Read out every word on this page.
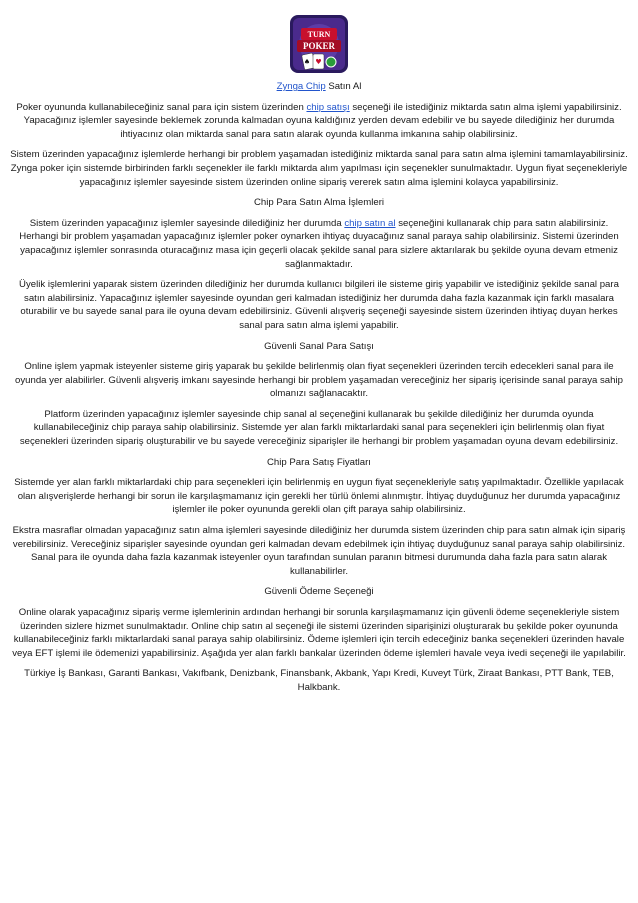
TURN
POKER
♥
♠

Zynga Chip Satın Al

Poker oyununda kullanabileceğiniz sanal para için sistem üzerinden chip satışı seçeneği ile istediğiniz miktarda satın alma işlemi yapabilirsiniz. Yapacağınız işlemler sayesinde beklemek zorunda kalmadan oyuna kaldığınız yerden devam edebilir ve bu sayede dilediğiniz her durumda ihtiyacınız olan miktarda sanal para satın alarak oyunda kullanma imkanına sahip olabilirsiniz.

Sistem üzerinden yapacağınız işlemlerde herhangi bir problem yaşamadan istediğiniz miktarda sanal para satın alma işlemini tamamlayabilirsiniz. Zynga poker için sistemde birbirinden farklı seçenekler ile farklı miktarda alım yapılması için seçenekler sunulmaktadır. Uygun fiyat seçenekleriyle yapacağınız işlemler sayesinde sistem üzerinden online sipariş vererek satın alma işlemini kolayca yapabilirsiniz.

Chip Para Satın Alma İşlemleri

Sistem üzerinden yapacağınız işlemler sayesinde dilediğiniz her durumda chip satın al seçeneğini kullanarak chip para satın alabilirsiniz. Herhangi bir problem yaşamadan yapacağınız işlemler poker oynarken ihtiyaç duyacağınız sanal paraya sahip olabilirsiniz. Sistemi üzerinden yapacağınız işlemler sonrasında oturacağınız masa için geçerli olacak şekilde sanal para sizlere aktarılarak bu şekilde oyuna devam etmeniz sağlanmaktadır.

Üyelik işlemlerini yaparak sistem üzerinden dilediğiniz her durumda kullanıcı bilgileri ile sisteme giriş yapabilir ve istediğiniz şekilde sanal para satın alabilirsiniz. Yapacağınız işlemler sayesinde oyundan geri kalmadan istediğiniz her durumda daha fazla kazanmak için farklı masalara oturabilir ve bu sayede sanal para ile oyuna devam edebilirsiniz. Güvenli alışveriş seçeneği sayesinde sistem üzerinden ihtiyaç duyan herkes sanal para satın alma işlemi yapabilir.

Güvenli Sanal Para Satışı

Online işlem yapmak isteyenler sisteme giriş yaparak bu şekilde belirlenmiş olan fiyat seçenekleri üzerinden tercih edecekleri sanal para ile oyunda yer alabilirler. Güvenli alışveriş imkanı sayesinde herhangi bir problem yaşamadan vereceğiniz her sipariş içerisinde sanal paraya sahip olmanızı sağlanacaktır.

Platform üzerinden yapacağınız işlemler sayesinde chip sanal al seçeneğini kullanarak bu şekilde dilediğiniz her durumda oyunda kullanabileceğiniz chip paraya sahip olabilirsiniz. Sistemde yer alan farklı miktarlardaki sanal para seçenekleri için belirlenmiş olan fiyat seçenekleri üzerinden sipariş oluşturabilir ve bu sayede vereceğiniz siparişler ile herhangi bir problem yaşamadan oyuna devam edebilirsiniz.

Chip Para Satış Fiyatları

Sistemde yer alan farklı miktarlardaki chip para seçenekleri için belirlenmiş en uygun fiyat seçenekleriyle satış yapılmaktadır. Özellikle yapılacak olan alışverişlerde herhangi bir sorun ile karşılaşmamanız için gerekli her türlü önlemi alınmıştır. İhtiyaç duyduğunuz her durumda yapacağınız işlemler ile poker oyununda gerekli olan çift paraya sahip olabilirsiniz.

Ekstra masraflar olmadan yapacağınız satın alma işlemleri sayesinde dilediğiniz her durumda sistem üzerinden chip para satın almak için sipariş verebilirsiniz. Vereceğiniz siparişler sayesinde oyundan geri kalmadan devam edebilmek için ihtiyaç duyduğunuz sanal paraya sahip olabilirsiniz. Sanal para ile oyunda daha fazla kazanmak isteyenler oyun tarafından sunulan paranın bitmesi durumunda daha fazla para satın alarak kullanabilirler.

Güvenli Ödeme Seçeneği

Online olarak yapacağınız sipariş verme işlemlerinin ardından herhangi bir sorunla karşılaşmamanız için güvenli ödeme seçenekleriyle sistem üzerinden sizlere hizmet sunulmaktadır. Online chip satın al seçeneği ile sistemi üzerinden siparişinizi oluşturarak bu şekilde poker oyununda kullanabileceğiniz farklı miktarlardaki sanal paraya sahip olabilirsiniz. Ödeme işlemleri için tercih edeceğiniz banka seçenekleri üzerinden havale veya EFT işlemi ile ödemenizi yapabilirsiniz. Aşağıda yer alan farklı bankalar üzerinden ödeme işlemleri havale veya ivedi seçeneği ile yapılabilir.

Türkiye İş Bankası, Garanti Bankası, Vakıfbank, Denizbank, Finansbank, Akbank, Yapı Kredi, Kuveyt Türk, Ziraat Bankası, PTT Bank, TEB, Halkbank.
